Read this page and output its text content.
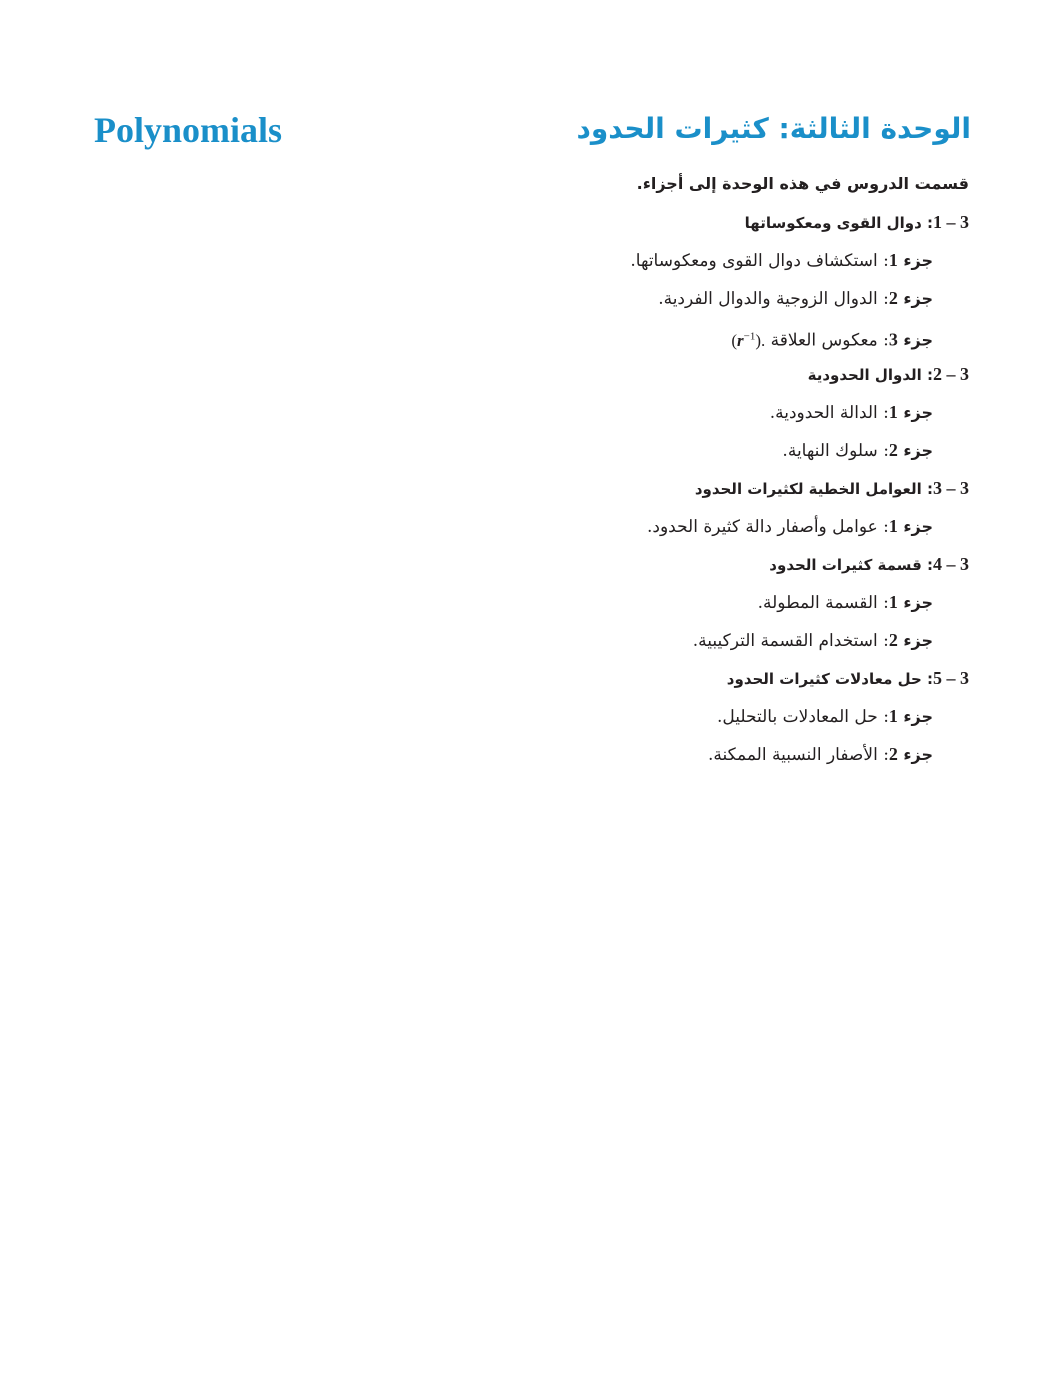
Polynomials	الوحدة الثالثة: كثيرات الحدود
قسمت الدروس في هذه الوحدة إلى أجزاء.
1 – 3: دوال القوى ومعكوساتها
جزء 1: استكشاف دوال القوى ومعكوساتها.
جزء 2: الدوال الزوجية والدوال الفردية.
جزء 3: معكوس العلاقة $(r^{-1})$.
2 – 3: الدوال الحدودية
جزء 1: الدالة الحدودية.
جزء 2: سلوك النهاية.
3 – 3: العوامل الخطية لكثيرات الحدود
جزء 1: عوامل وأصفار دالة كثيرة الحدود.
4 – 3: قسمة كثيرات الحدود
جزء 1: القسمة المطولة.
جزء 2: استخدام القسمة التركيبية.
5 – 3: حل معادلات كثيرات الحدود
جزء 1: حل المعادلات بالتحليل.
جزء 2: الأصفار النسبية الممكنة.
